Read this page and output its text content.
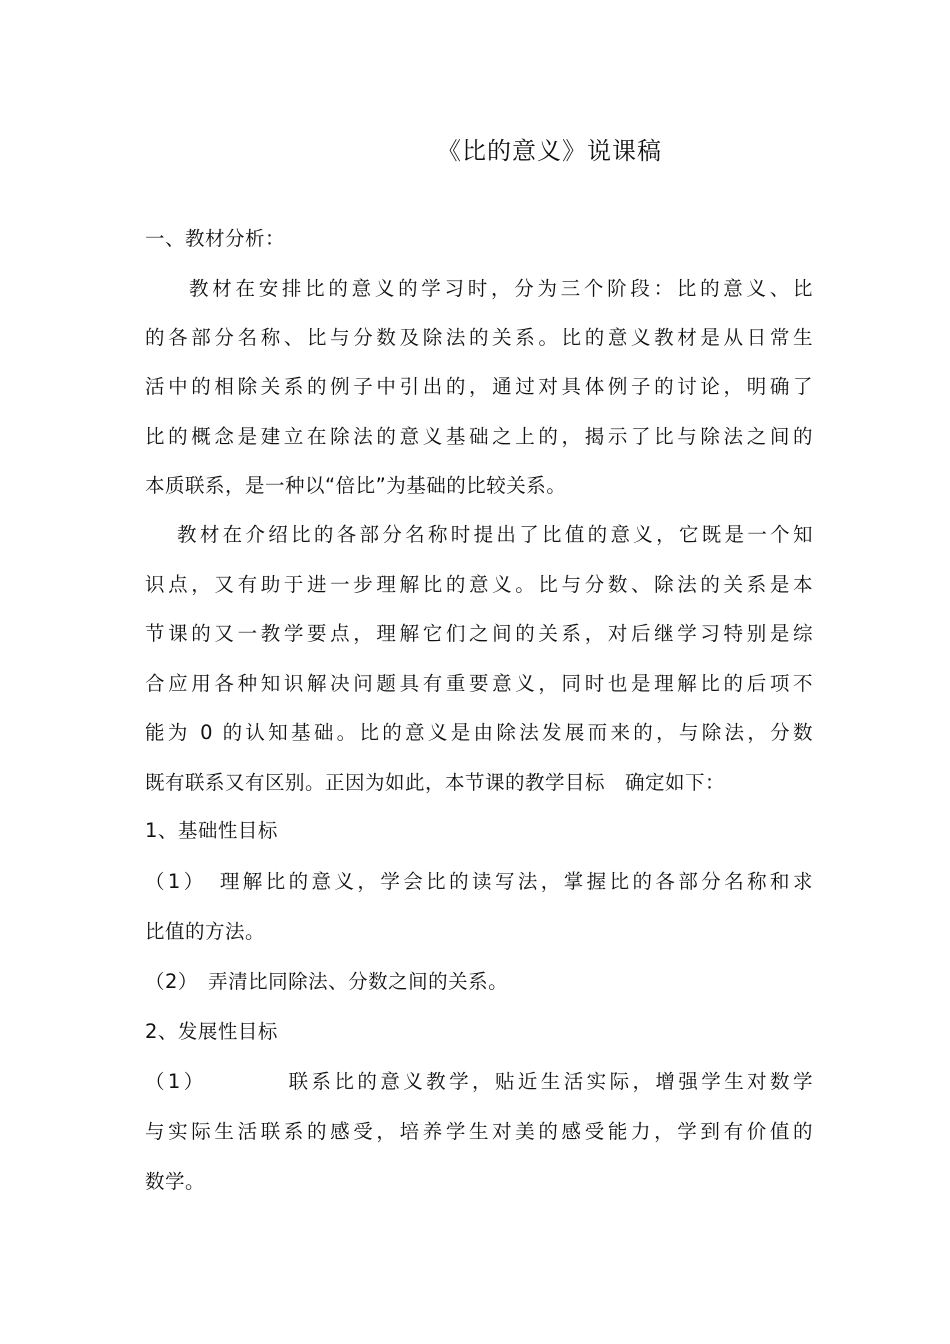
《比的意义》说课稿
一、教材分析：
教材在安排比的意义的学习时，分为三个阶段：比的意义、比
的各部分名称、比与分数及除法的关系。比的意义教材是从日常生
活中的相除关系的例子中引出的，通过对具体例子的讨论，明确了
比的概念是建立在除法的意义基础之上的，揭示了比与除法之间的
本质联系，是一种以“倍比”为基础的比较关系。
教材在介绍比的各部分名称时提出了比值的意义，它既是一个知
识点，又有助于进一步理解比的意义。比与分数、除法的关系是本
节课的又一教学要点，理解它们之间的关系，对后继学习特别是综
合应用各种知识解决问题具有重要意义，同时也是理解比的后项不
能为 0 的认知基础。比的意义是由除法发展而来的，与除法，分数
既有联系又有区别。正因为如此，本节课的教学目标　确定如下：
1、基础性目标
（1）　理解比的意义，学会比的读写法，掌握比的各部分名称和求
比值的方法。
（2）　弄清比同除法、分数之间的关系。
2、发展性目标
（1）　　　　联系比的意义教学，贴近生活实际，增强学生对数学
与实际生活联系的感受，培养学生对美的感受能力，学到有价值的
数学。
